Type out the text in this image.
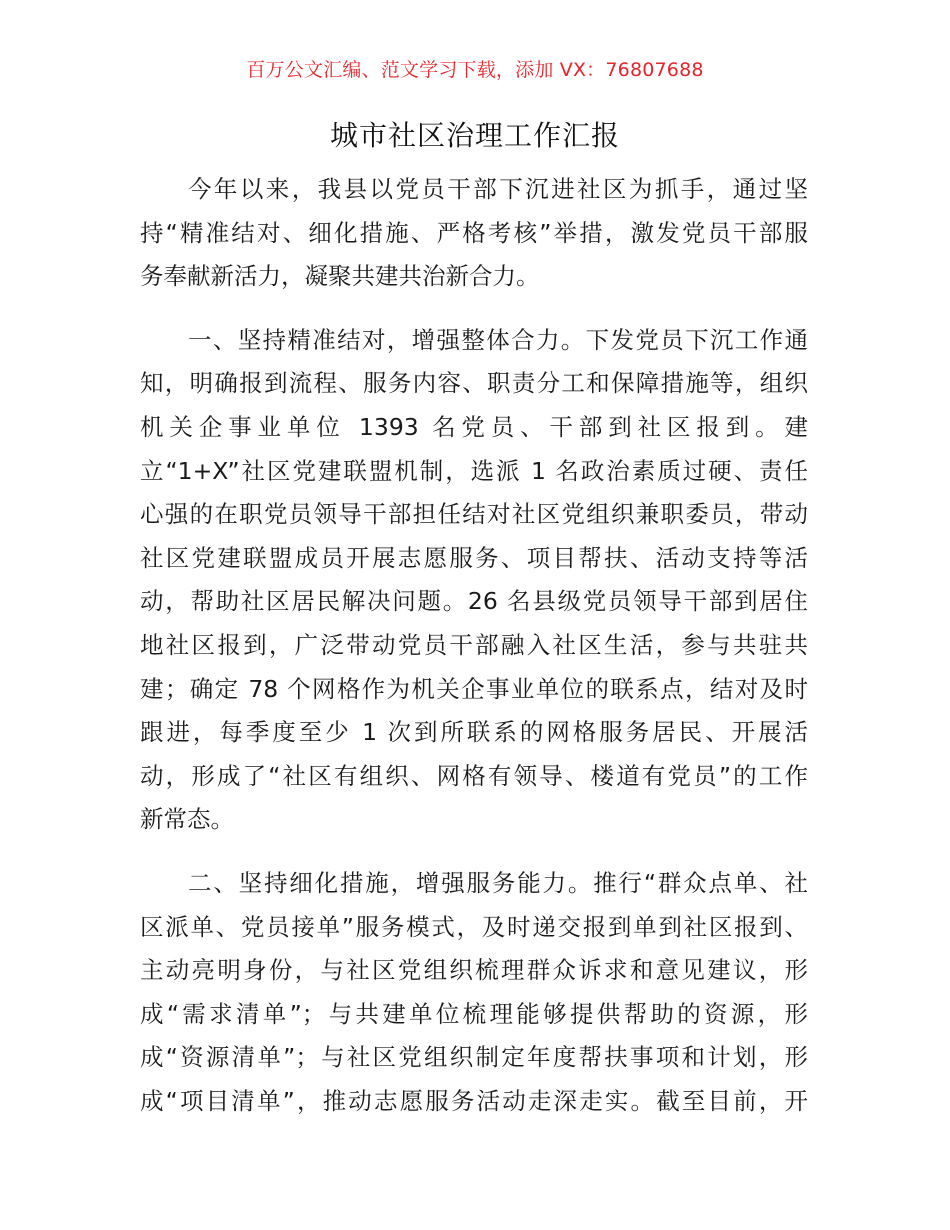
百万公文汇编、范文学习下载，添加 VX：76807688
城市社区治理工作汇报
今年以来，我县以党员干部下沉进社区为抓手，通过坚
持“精准结对、细化措施、严格考核”举措，激发党员干部服
务奉献新活力，凝聚共建共治新合力。
一、坚持精准结对，增强整体合力。下发党员下沉工作通
知，明确报到流程、服务内容、职责分工和保障措施等，组织
机关企事业单位 1393 名党员、干部到社区报到。建
立“1+X”社区党建联盟机制，选派 1 名政治素质过硬、责任
心强的在职党员领导干部担任结对社区党组织兼职委员，带动
社区党建联盟成员开展志愿服务、项目帮扶、活动支持等活
动，帮助社区居民解决问题。26 名县级党员领导干部到居住
地社区报到，广泛带动党员干部融入社区生活，参与共驻共
建；确定 78 个网格作为机关企事业单位的联系点，结对及时
跟进，每季度至少 1 次到所联系的网格服务居民、开展活
动，形成了“社区有组织、网格有领导、楼道有党员”的工作
新常态。
二、坚持细化措施，增强服务能力。推行“群众点单、社
区派单、党员接单”服务模式，及时递交报到单到社区报到、
主动亮明身份，与社区党组织梳理群众诉求和意见建议，形
成“需求清单”；与共建单位梳理能够提供帮助的资源，形
成“资源清单”；与社区党组织制定年度帮扶事项和计划，形
成“项目清单”，推动志愿服务活动走深走实。截至目前，开
